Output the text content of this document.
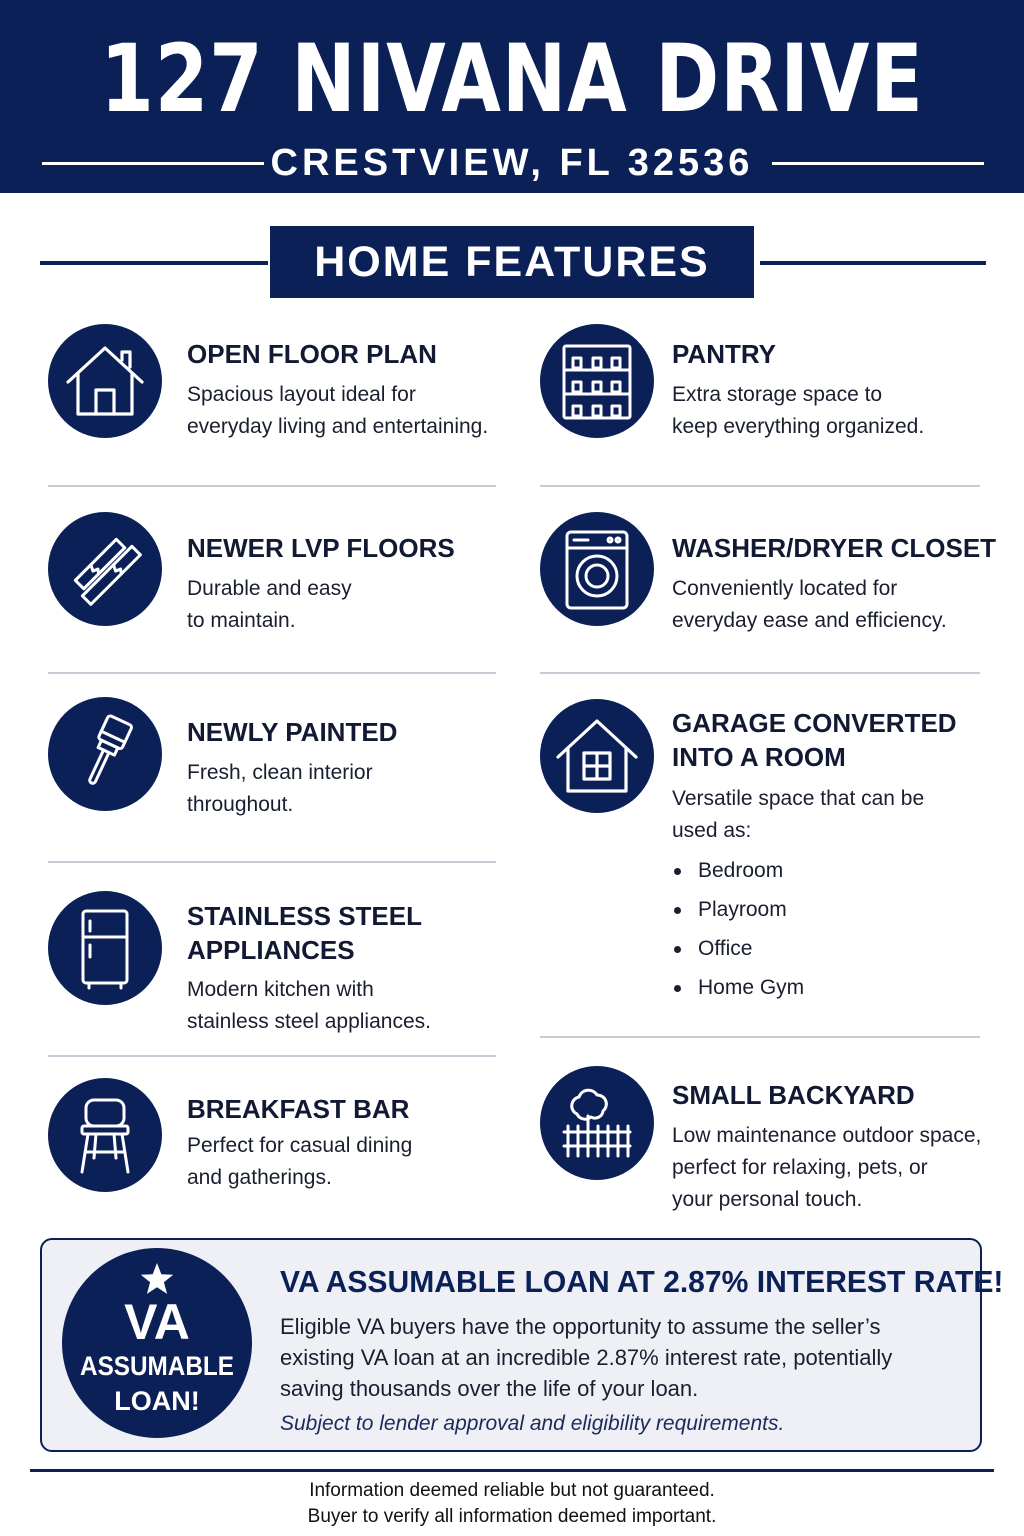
127 NIVANA DRIVE
CRESTVIEW, FL 32536
HOME FEATURES
OPEN FLOOR PLAN
Spacious layout ideal for
everyday living and entertaining.
NEWER LVP FLOORS
Durable and easy
to maintain.
NEWLY PAINTED
Fresh, clean interior
throughout.
STAINLESS STEEL
APPLIANCES
Modern kitchen with
stainless steel appliances.
BREAKFAST BAR
Perfect for casual dining
and gatherings.
PANTRY
Extra storage space to
keep everything organized.
WASHER/DRYER CLOSET
Conveniently located for
everyday ease and efficiency.
GARAGE CONVERTED
INTO A ROOM
Versatile space that can be
used as:
Bedroom
Playroom
Office
Home Gym
SMALL BACKYARD
Low maintenance outdoor space,
perfect for relaxing, pets, or
your personal touch.
VA
ASSUMABLE
LOAN!
VA ASSUMABLE LOAN AT 2.87% INTEREST RATE!
Eligible VA buyers have the opportunity to assume the seller’s
existing VA loan at an incredible 2.87% interest rate, potentially
saving thousands over the life of your loan.
Subject to lender approval and eligibility requirements.
Information deemed reliable but not guaranteed.
Buyer to verify all information deemed important.
